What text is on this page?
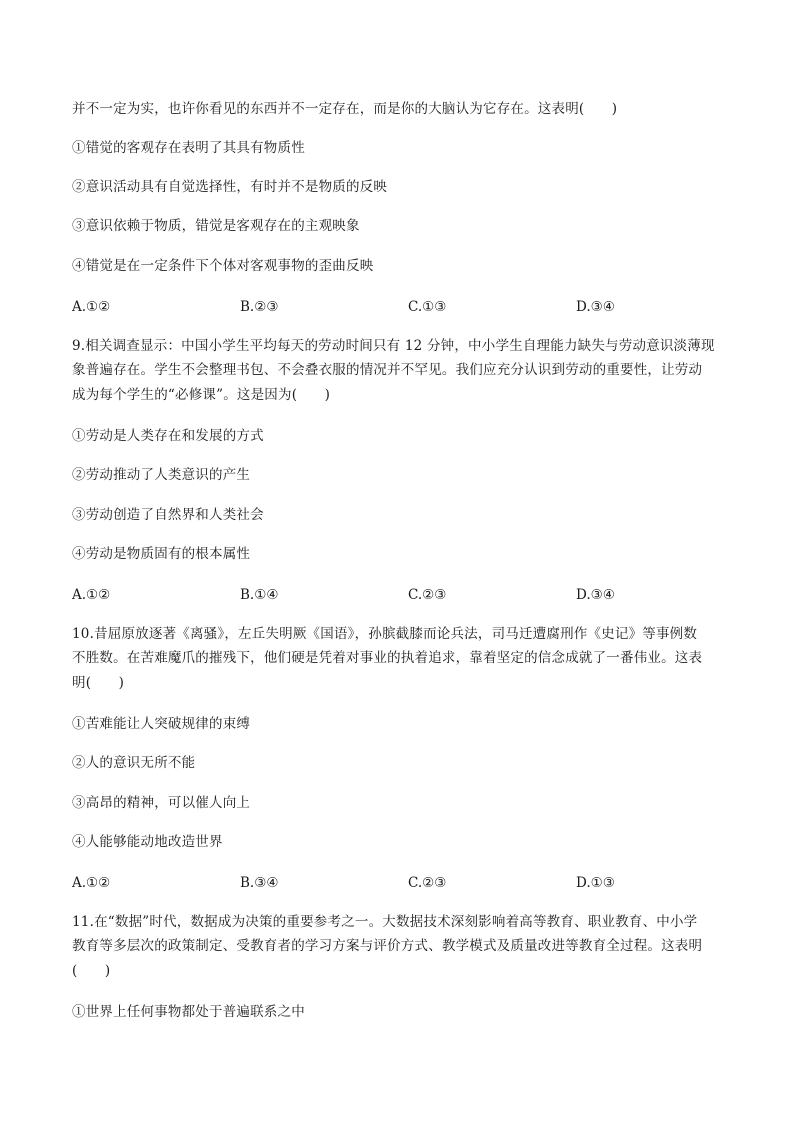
并不一定为实，也许你看见的东西并不一定存在，而是你的大脑认为它存在。这表明(　　)
①错觉的客观存在表明了其具有物质性
②意识活动具有自觉选择性，有时并不是物质的反映
③意识依赖于物质，错觉是客观存在的主观映象
④错觉是在一定条件下个体对客观事物的歪曲反映
A.①②	B.②③	C.①③	D.③④
9.相关调查显示：中国小学生平均每天的劳动时间只有 12 分钟，中小学生自理能力缺失与劳动意识淡薄现
象普遍存在。学生不会整理书包、不会叠衣服的情况并不罕见。我们应充分认识到劳动的重要性，让劳动
成为每个学生的“必修课”。这是因为(　　)
①劳动是人类存在和发展的方式
②劳动推动了人类意识的产生
③劳动创造了自然界和人类社会
④劳动是物质固有的根本属性
A.①②	B.①④	C.②③	D.③④
10.昔屈原放逐著《离骚》，左丘失明厥《国语》，孙膑截膝而论兵法，司马迁遭腐刑作《史记》等事例数
不胜数。在苦难魔爪的摧残下，他们硬是凭着对事业的执着追求，靠着坚定的信念成就了一番伟业。这表
明(　　)
①苦难能让人突破规律的束缚
②人的意识无所不能
③高昂的精神，可以催人向上
④人能够能动地改造世界
A.①②	B.③④	C.②③	D.①③
11.在“数据”时代，数据成为决策的重要参考之一。大数据技术深刻影响着高等教育、职业教育、中小学
教育等多层次的政策制定、受教育者的学习方案与评价方式、教学模式及质量改进等教育全过程。这表明
(　　)
①世界上任何事物都处于普遍联系之中
